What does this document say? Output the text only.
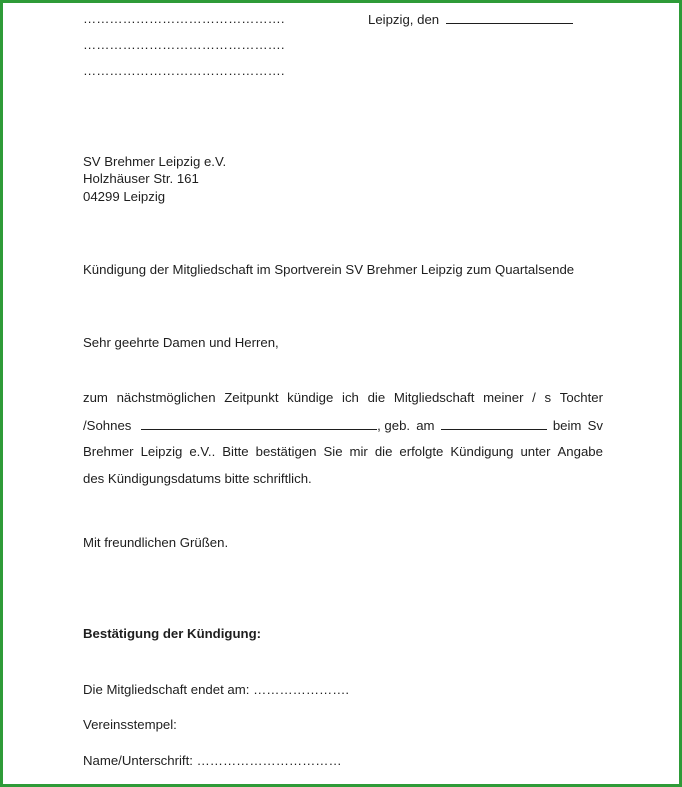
……………………………………….
……………………………………….
……………………………………….
Leipzig, den
SV Brehmer Leipzig e.V.
Holzhäuser Str. 161
04299 Leipzig
Kündigung der Mitgliedschaft im Sportverein SV Brehmer Leipzig zum Quartalsende
Sehr geehrte Damen und Herren,
zum nächstmöglichen Zeitpunkt kündige ich die Mitgliedschaft meiner / s Tochter
/Sohnes	, geb. am	beim Sv
Brehmer Leipzig e.V.. Bitte bestätigen Sie mir die erfolgte Kündigung unter Angabe
des Kündigungsdatums bitte schriftlich.
Mit freundlichen Grüßen.
Bestätigung der Kündigung:
Die Mitgliedschaft endet am: ………………….
Vereinsstempel:
Name/Unterschrift: ……………………………
